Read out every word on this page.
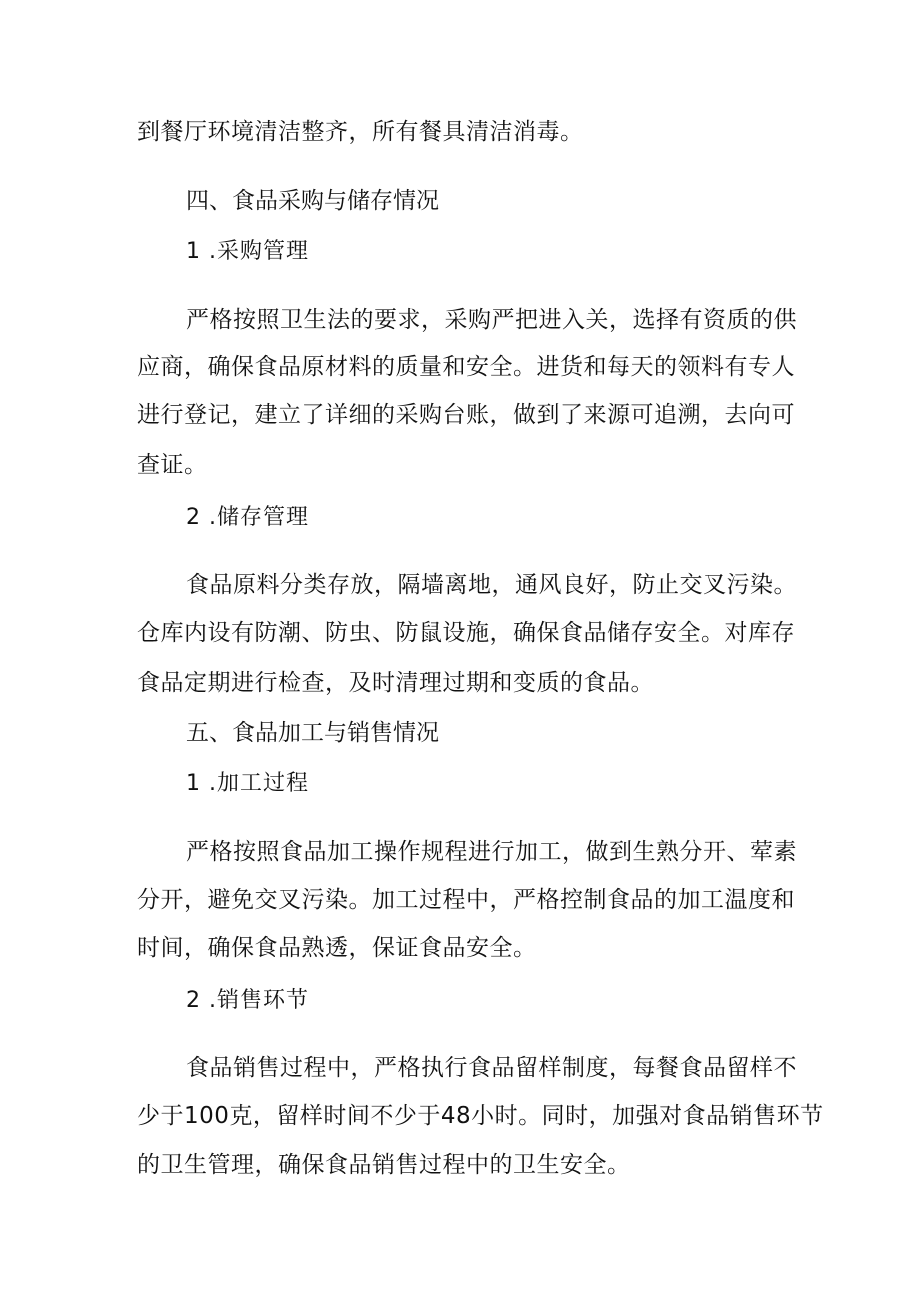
到餐厅环境清洁整齐，所有餐具清洁消毒。
四、食品采购与储存情况
1 .采购管理
严格按照卫生法的要求，采购严把进入关，选择有资质的供
应商，确保食品原材料的质量和安全。进货和每天的领料有专人
进行登记，建立了详细的采购台账，做到了来源可追溯，去向可
查证。
2 .储存管理
食品原料分类存放，隔墙离地，通风良好，防止交叉污染。
仓库内设有防潮、防虫、防鼠设施，确保食品储存安全。对库存
食品定期进行检查，及时清理过期和变质的食品。
五、食品加工与销售情况
1 .加工过程
严格按照食品加工操作规程进行加工，做到生熟分开、荤素
分开，避免交叉污染。加工过程中，严格控制食品的加工温度和
时间，确保食品熟透，保证食品安全。
2 .销售环节
食品销售过程中，严格执行食品留样制度，每餐食品留样不
少于100克，留样时间不少于48小时。同时，加强对食品销售环节
的卫生管理，确保食品销售过程中的卫生安全。
